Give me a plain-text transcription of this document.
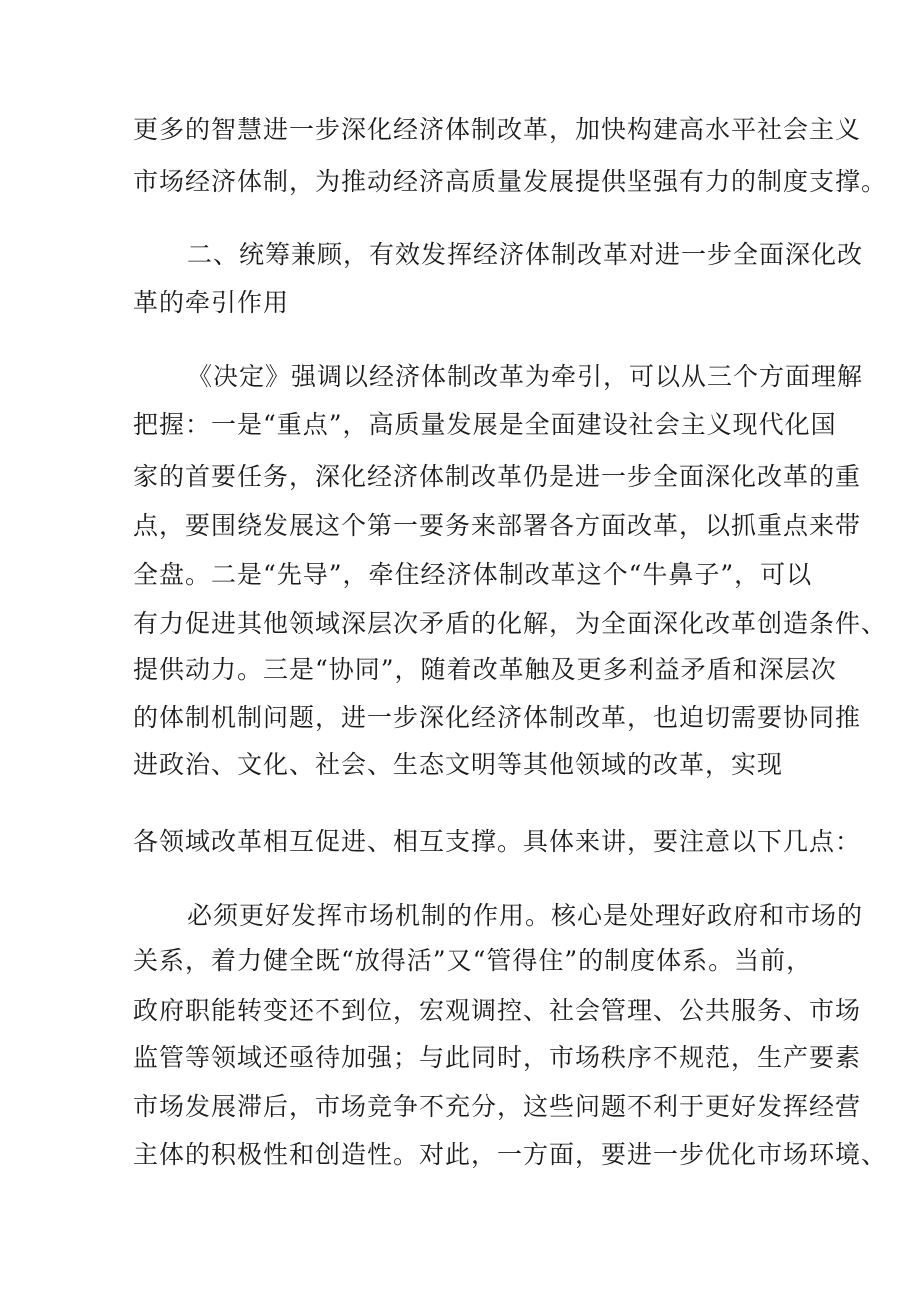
更多的智慧进一步深化经济体制改革，加快构建高水平社会主义
市场经济体制，为推动经济高质量发展提供坚强有力的制度支撑。
二、统筹兼顾，有效发挥经济体制改革对进一步全面深化改
革的牵引作用
《决定》强调以经济体制改革为牵引，可以从三个方面理解
把握：一是“重点”，高质量发展是全面建设社会主义现代化国
家的首要任务，深化经济体制改革仍是进一步全面深化改革的重
点，要围绕发展这个第一要务来部署各方面改革，以抓重点来带
全盘。二是“先导”，牵住经济体制改革这个“牛鼻子”，可以
有力促进其他领域深层次矛盾的化解，为全面深化改革创造条件、
提供动力。三是“协同”，随着改革触及更多利益矛盾和深层次
的体制机制问题，进一步深化经济体制改革，也迫切需要协同推
进政治、文化、社会、生态文明等其他领域的改革，实现
各领域改革相互促进、相互支撑。具体来讲，要注意以下几点：
必须更好发挥市场机制的作用。核心是处理好政府和市场的
关系，着力健全既“放得活”又“管得住”的制度体系。当前，
政府职能转变还不到位，宏观调控、社会管理、公共服务、市场
监管等领域还亟待加强；与此同时，市场秩序不规范，生产要素
市场发展滞后，市场竞争不充分，这些问题不利于更好发挥经营
主体的积极性和创造性。对此，一方面，要进一步优化市场环境、
